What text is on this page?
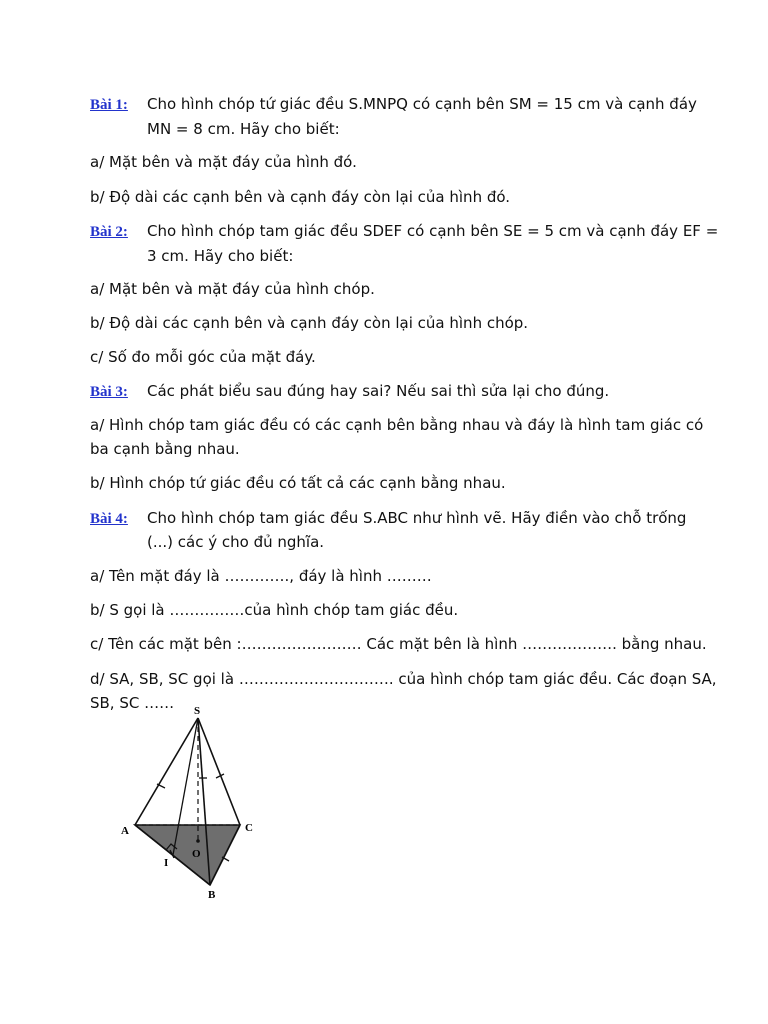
Bài 1: Cho hình chóp tứ giác đều S.MNPQ có cạnh bên SM = 15 cm và cạnh đáy
MN = 8 cm. Hãy cho biết:
a/ Mặt bên và mặt đáy của hình đó.
b/ Độ dài các cạnh bên và cạnh đáy còn lại của hình đó.
Bài 2: Cho hình chóp tam giác đều SDEF có cạnh bên SE = 5 cm và cạnh đáy EF =
3 cm. Hãy cho biết:
a/ Mặt bên và mặt đáy của hình chóp.
b/ Độ dài các cạnh bên và cạnh đáy còn lại của hình chóp.
c/ Số đo mỗi góc của mặt đáy.
Bài 3: Các phát biểu sau đúng hay sai? Nếu sai thì sửa lại cho đúng.
a/ Hình chóp tam giác đều có các cạnh bên bằng nhau và đáy là hình tam giác có
ba cạnh bằng nhau.
b/ Hình chóp tứ giác đều có tất cả các cạnh bằng nhau.
Bài 4: Cho hình chóp tam giác đều S.ABC như hình vẽ. Hãy điền vào chỗ trống
(...) các ý cho đủ nghĩa.
a/ Tên mặt đáy là …………., đáy là hình ………
b/ S gọi là ……………của hình chóp tam giác đều.
c/ Tên các mặt bên :…………………… Các mặt bên là hình ………………. bằng nhau.
d/ SA, SB, SC gọi là …………………………. của hình chóp tam giác đều. Các đoạn SA,
SB, SC ……	S
A	C
B
I
O
